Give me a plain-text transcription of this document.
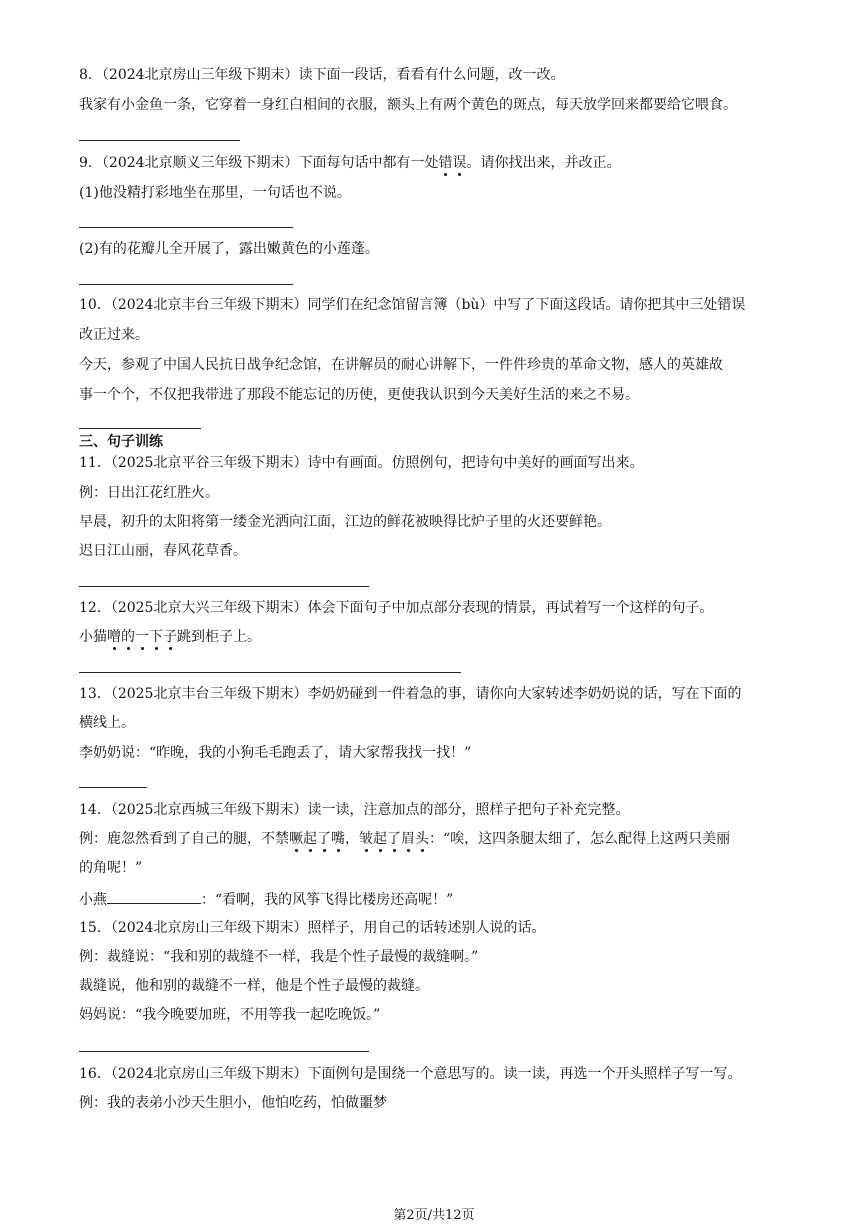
8．（2024北京房山三年级下期末）读下面一段话，看看有什么问题，改一改。
我家有小金鱼一条，它穿着一身红白相间的衣服，额头上有两个黄色的斑点，每天放学回来都要给它喂食。
9．（2024北京顺义三年级下期末）下面每句话中都有一处错误。请你找出来，并改正。
(1)他没精打彩地坐在那里，一句话也不说。
(2)有的花瓣儿全开展了，露出嫩黄色的小莲蓬。
10．（2024北京丰台三年级下期末）同学们在纪念馆留言簿（bù）中写了下面这段话。请你把其中三处错误
改正过来。
今天，参观了中国人民抗日战争纪念馆，在讲解员的耐心讲解下，一件件珍贵的革命文物，感人的英雄故
事一个个，不仅把我带进了那段不能忘记的历使，更使我认识到今天美好生活的来之不易。
三、句子训练
11．（2025北京平谷三年级下期末）诗中有画面。仿照例句，把诗句中美好的画面写出来。
例：日出江花红胜火。
早晨，初升的太阳将第一缕金光洒向江面，江边的鲜花被映得比炉子里的火还要鲜艳。
迟日江山丽，春风花草香。
12．（2025北京大兴三年级下期末）体会下面句子中加点部分表现的情景，再试着写一个这样的句子。
小猫噌的一下子跳到柜子上。
13．（2025北京丰台三年级下期末）李奶奶碰到一件着急的事，请你向大家转述李奶奶说的话，写在下面的
横线上。
李奶奶说：“昨晚，我的小狗毛毛跑丢了，请大家帮我找一找！”
14．（2025北京西城三年级下期末）读一读，注意加点的部分，照样子把句子补充完整。
例：鹿忽然看到了自己的腿，不禁噘起了嘴，皱起了眉头：“唉，这四条腿太细了，怎么配得上这两只美丽
的角呢！”
小燕	：“看啊，我的风筝飞得比楼房还高呢！”
15．（2024北京房山三年级下期末）照样子，用自己的话转述别人说的话。
例：裁缝说：“我和别的裁缝不一样，我是个性子最慢的裁缝啊。”
裁缝说，他和别的裁缝不一样，他是个性子最慢的裁缝。
妈妈说：“我今晚要加班，不用等我一起吃晚饭。”
16．（2024北京房山三年级下期末）下面例句是围绕一个意思写的。读一读，再选一个开头照样子写一写。
例：我的表弟小沙天生胆小，他怕吃药，怕做噩梦
第2页/共12页
